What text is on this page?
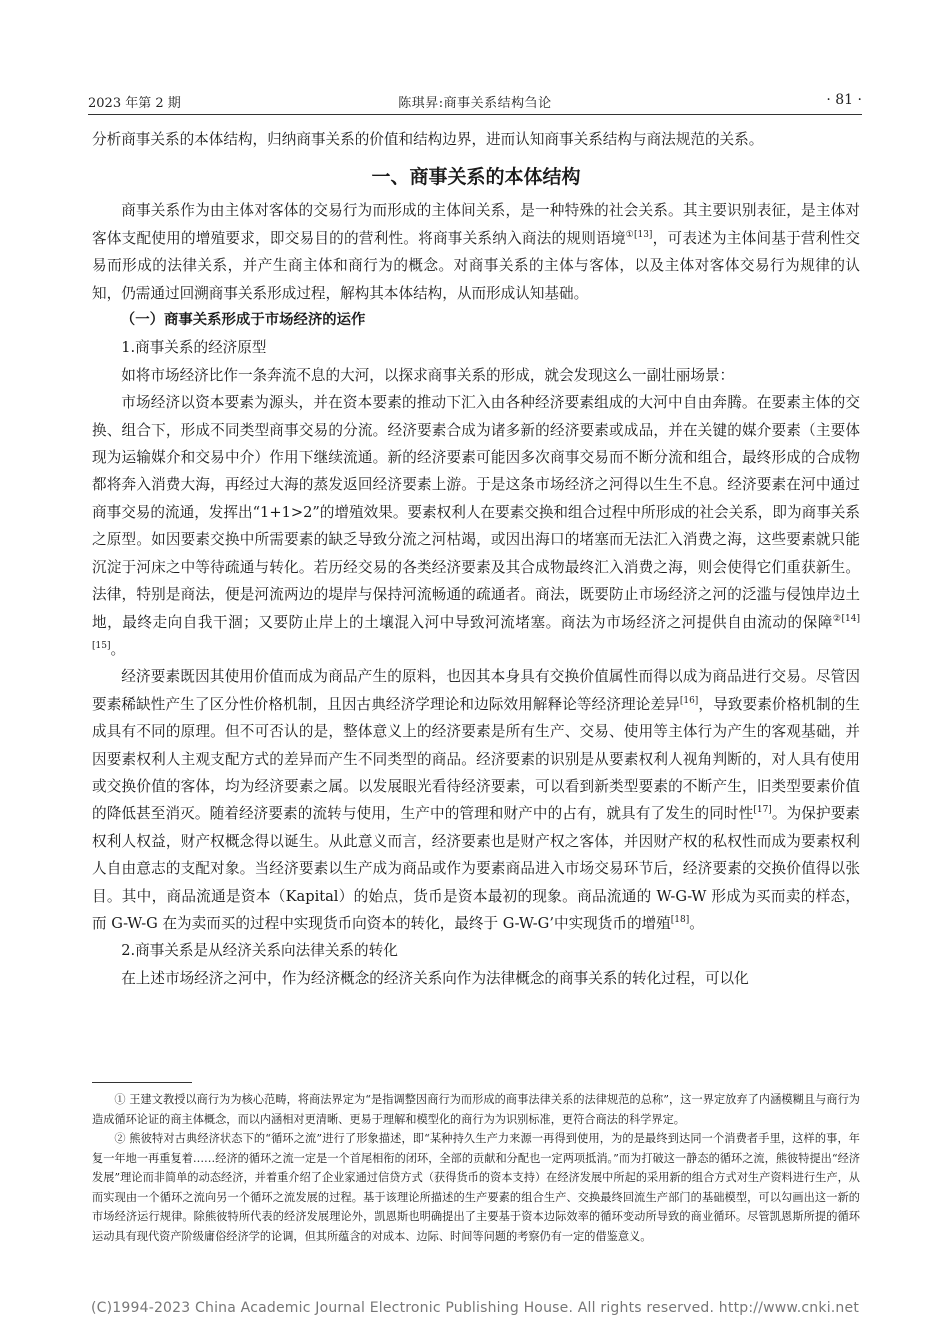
2023 年第 2 期	陈琪昇:商事关系结构刍论	· 81 ·

分析商事关系的本体结构，归纳商事关系的价值和结构边界，进而认知商事关系结构与商法规范的关系。

一、商事关系的本体结构

商事关系作为由主体对客体的交易行为而形成的主体间关系，是一种特殊的社会关系。其主要识别表征，是主体对客体支配使用的增殖要求，即交易目的的营利性。将商事关系纳入商法的规则语境$^{①[13]}$，可表述为主体间基于营利性交易而形成的法律关系，并产生商主体和商行为的概念。对商事关系的主体与客体，以及主体对客体交易行为规律的认知，仍需通过回溯商事关系形成过程，解构其本体结构，从而形成认知基础。

（一）商事关系形成于市场经济的运作

1.商事关系的经济原型

如将市场经济比作一条奔流不息的大河，以探求商事关系的形成，就会发现这么一副壮丽场景：

市场经济以资本要素为源头，并在资本要素的推动下汇入由各种经济要素组成的大河中自由奔腾。在要素主体的交换、组合下，形成不同类型商事交易的分流。经济要素合成为诸多新的经济要素或成品，并在关键的媒介要素（主要体现为运输媒介和交易中介）作用下继续流通。新的经济要素可能因多次商事交易而不断分流和组合，最终形成的合成物都将奔入消费大海，再经过大海的蒸发返回经济要素上游。于是这条市场经济之河得以生生不息。经济要素在河中通过商事交易的流通，发挥出“1+1>2”的增殖效果。要素权利人在要素交换和组合过程中所形成的社会关系，即为商事关系之原型。如因要素交换中所需要素的缺乏导致分流之河枯竭，或因出海口的堵塞而无法汇入消费之海，这些要素就只能沉淀于河床之中等待疏通与转化。若历经交易的各类经济要素及其合成物最终汇入消费之海，则会使得它们重获新生。法律，特别是商法，便是河流两边的堤岸与保持河流畅通的疏通者。商法，既要防止市场经济之河的泛滥与侵蚀岸边土地，最终走向自我干涸；又要防止岸上的土壤混入河中导致河流堵塞。商法为市场经济之河提供自由流动的保障$^{②[14][15]}$。

经济要素既因其使用价值而成为商品产生的原料，也因其本身具有交换价值属性而得以成为商品进行交易。尽管因要素稀缺性产生了区分性价格机制，且因古典经济学理论和边际效用解释论等经济理论差异[16]，导致要素价格机制的生成具有不同的原理。但不可否认的是，整体意义上的经济要素是所有生产、交易、使用等主体行为产生的客观基础，并因要素权利人主观支配方式的差异而产生不同类型的商品。经济要素的识别是从要素权利人视角判断的，对人具有使用或交换价值的客体，均为经济要素之属。以发展眼光看待经济要素，可以看到新类型要素的不断产生，旧类型要素价值的降低甚至消灭。随着经济要素的流转与使用，生产中的管理和财产中的占有，就具有了发生的同时性[17]。为保护要素权利人权益，财产权概念得以诞生。从此意义而言，经济要素也是财产权之客体，并因财产权的私权性而成为要素权利人自由意志的支配对象。当经济要素以生产成为商品或作为要素商品进入市场交易环节后，经济要素的交换价值得以张目。其中，商品流通是资本（Kapital）的始点，货币是资本最初的现象。商品流通的 W-G-W 形成为买而卖的样态，而 G-W-G 在为卖而买的过程中实现货币向资本的转化，最终于 G-W-G’中实现货币的增殖[18]。

2.商事关系是从经济关系向法律关系的转化

在上述市场经济之河中，作为经济概念的经济关系向作为法律概念的商事关系的转化过程，可以化

① 王建文教授以商行为为核心范畴，将商法界定为“是指调整因商行为而形成的商事法律关系的法律规范的总称”，这一界定放弃了内涵模糊且与商行为造成循环论证的商主体概念，而以内涵相对更清晰、更易于理解和模型化的商行为为识别标准，更符合商法的科学界定。

② 熊彼特对古典经济状态下的“循环之流”进行了形象描述，即“某种持久生产力来源一再得到使用，为的是最终到达同一个消费者手里，这样的事，年复一年地一再重复着……经济的循环之流一定是一个首尾相衔的闭环，全部的贡献和分配也一定两项抵消。”而为打破这一静态的循环之流，熊彼特提出“经济发展”理论而非简单的动态经济，并着重介绍了企业家通过信贷方式（获得货币的资本支持）在经济发展中所起的采用新的组合方式对生产资料进行生产，从而实现由一个循环之流向另一个循环之流发展的过程。基于该理论所描述的生产要素的组合生产、交换最终回流生产部门的基础模型，可以勾画出这一新的市场经济运行规律。除熊彼特所代表的经济发展理论外，凯恩斯也明确提出了主要基于资本边际效率的循环变动所导致的商业循环。尽管凯恩斯所提的循环运动具有现代资产阶级庸俗经济学的论调，但其所蕴含的对成本、边际、时间等问题的考察仍有一定的借鉴意义。

(C)1994-2023 China Academic Journal Electronic Publishing House. All rights reserved. http://www.cnki.net
